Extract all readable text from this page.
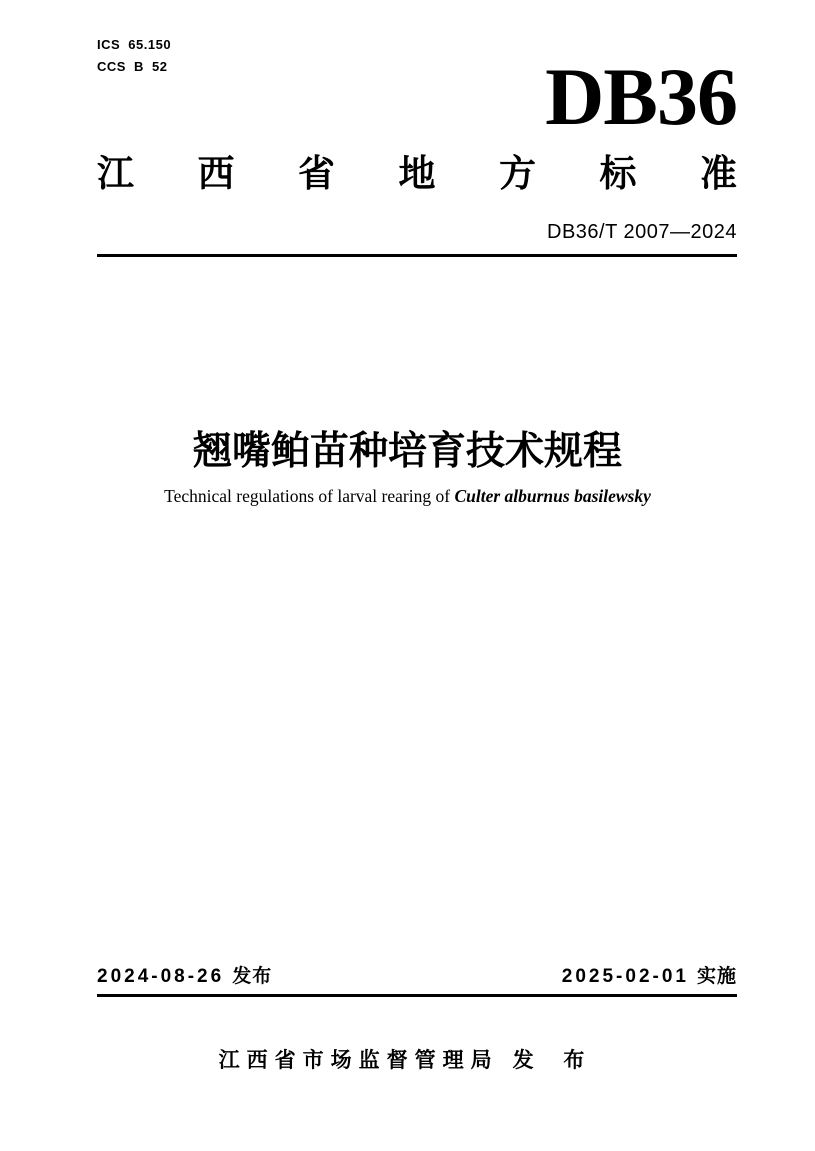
ICS 65.150
CCS B 52	DB36
江 西 省 地 方 标 准
DB36/T 2007—2024
翘嘴鲌苗种培育技术规程

Technical regulations of larval rearing of Culter alburnus basilewsky

2024-08-26 发布	2025-02-01 实施
江西省市场监督管理局 发 布
